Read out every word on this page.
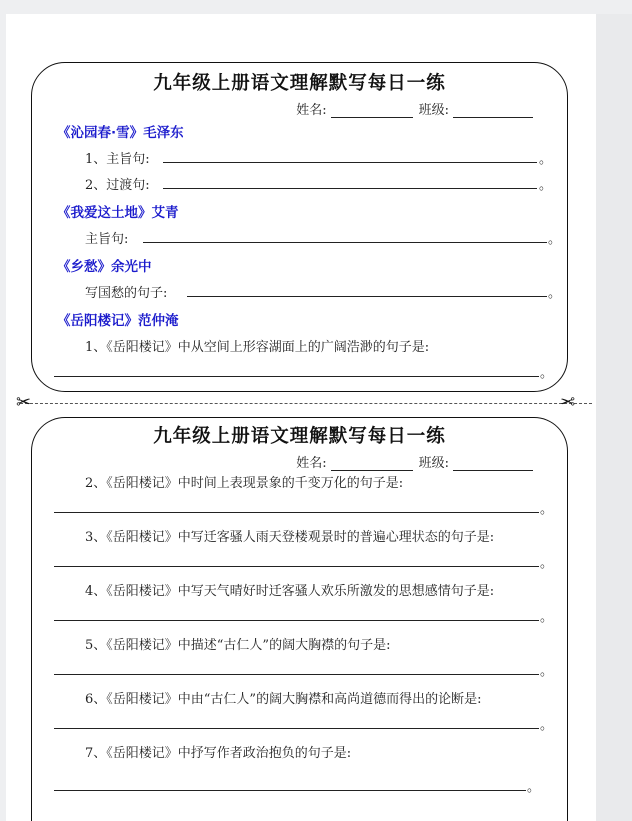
九年级上册语文理解默写每日一练
姓名:	班级:
《沁园春·雪》毛泽东
1、主旨句:	。
2、过渡句:	。
《我爱这土地》艾青
主旨句:	。
《乡愁》余光中
写国愁的句子:	。
《岳阳楼记》范仲淹
1、《岳阳楼记》中从空间上形容湖面上的广阔浩渺的句子是:
。
✂	✂
九年级上册语文理解默写每日一练
姓名:	班级:
2、《岳阳楼记》中时间上表现景象的千变万化的句子是:
。
3、《岳阳楼记》中写迁客骚人雨天登楼观景时的普遍心理状态的句子是:
。
4、《岳阳楼记》中写天气晴好时迁客骚人欢乐所激发的思想感情句子是:
。
5、《岳阳楼记》中描述“古仁人”的阔大胸襟的句子是:
。
6、《岳阳楼记》中由“古仁人”的阔大胸襟和高尚道德而得出的论断是:
。
7、《岳阳楼记》中抒写作者政治抱负的句子是:
。
